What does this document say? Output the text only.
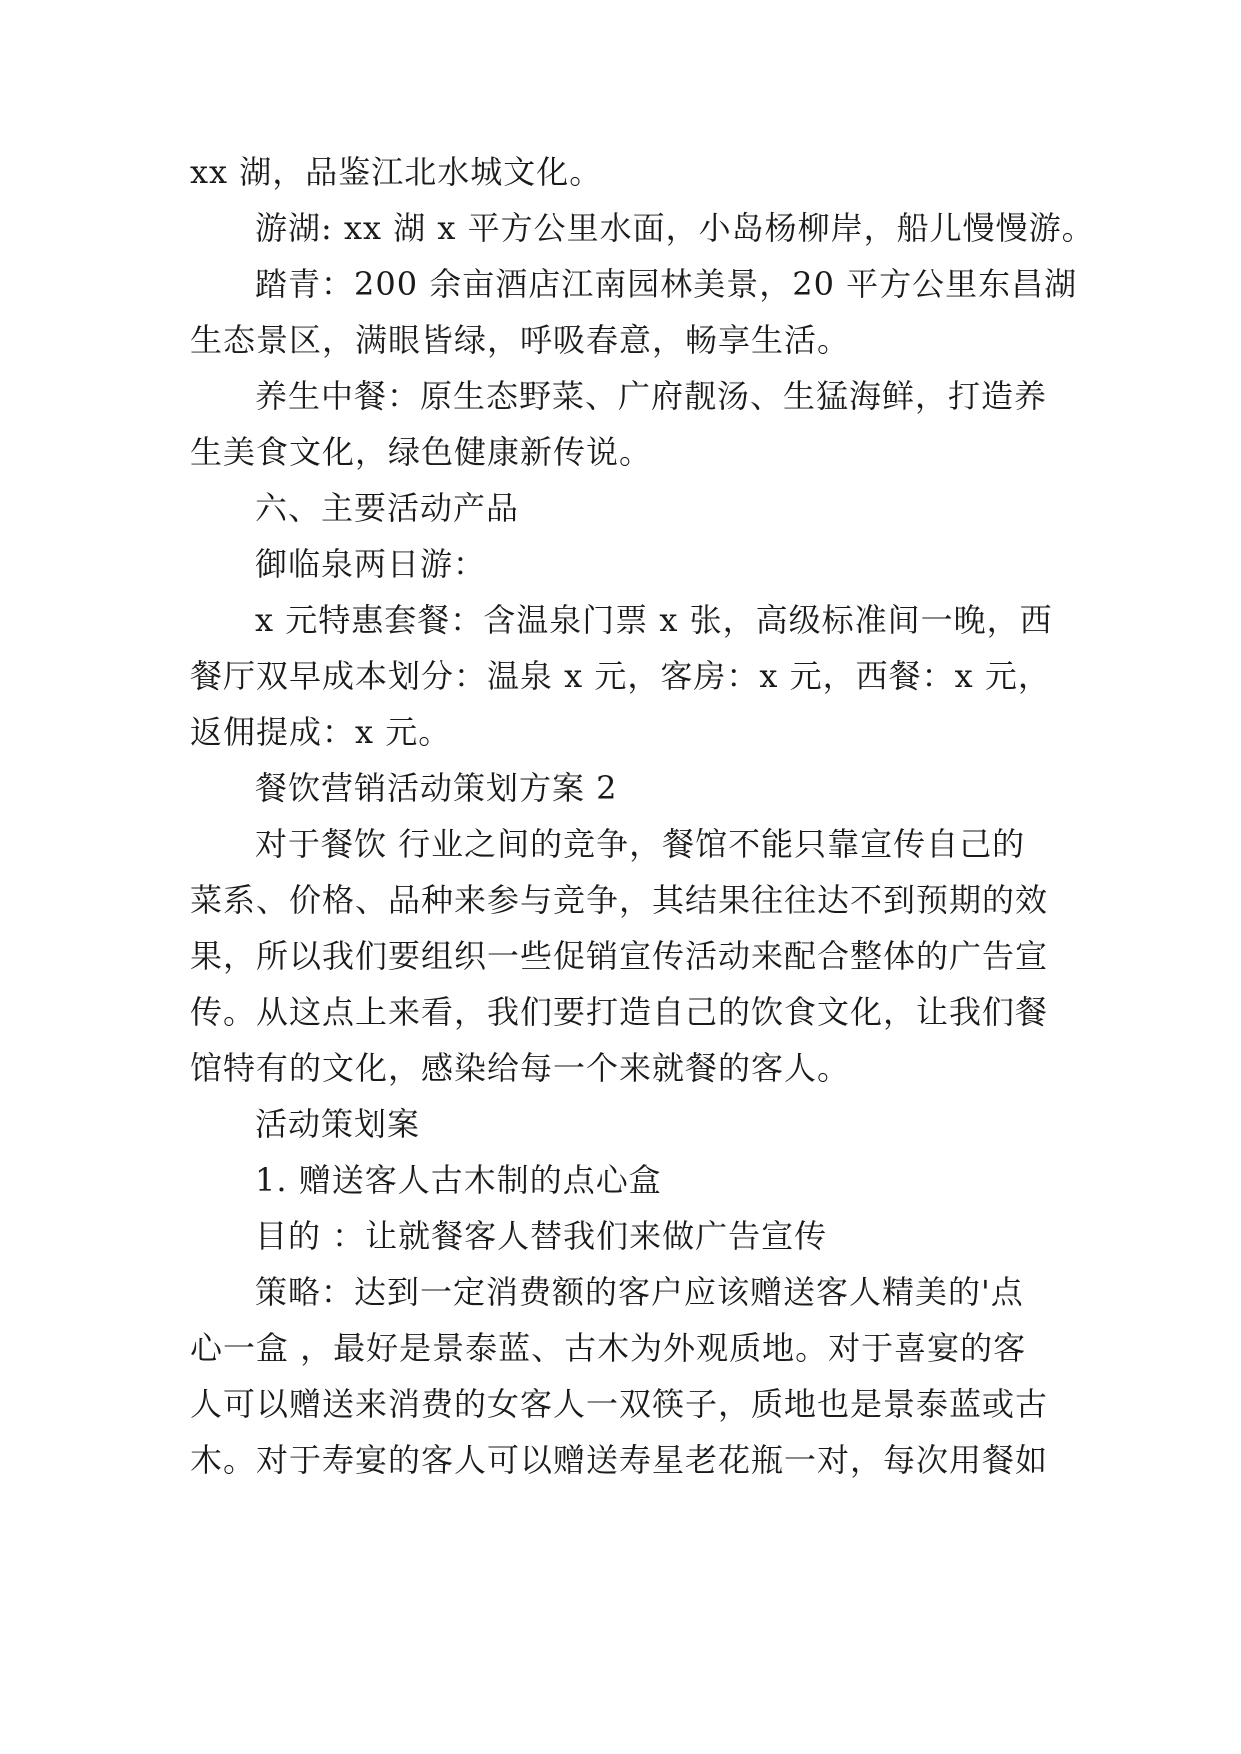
xx 湖，品鉴江北水城文化。
游湖: xx 湖 x 平方公里水面，小岛杨柳岸，船儿慢慢游。
踏青：200 余亩酒店江南园林美景，20 平方公里东昌湖
生态景区，满眼皆绿，呼吸春意，畅享生活。
养生中餐：原生态野菜、广府靓汤、生猛海鲜，打造养
生美食文化，绿色健康新传说。
六、主要活动产品
御临泉两日游：
x 元特惠套餐：含温泉门票 x 张，高级标准间一晚，西
餐厅双早成本划分：温泉 x 元，客房：x 元，西餐：x 元，
返佣提成：x 元。
餐饮营销活动策划方案 2
对于餐饮 行业之间的竞争，餐馆不能只靠宣传自己的
菜系、价格、品种来参与竞争，其结果往往达不到预期的效
果，所以我们要组织一些促销宣传活动来配合整体的广告宣
传。从这点上来看，我们要打造自己的饮食文化，让我们餐
馆特有的文化，感染给每一个来就餐的客人。
活动策划案
1. 赠送客人古木制的点心盒
目的 ：让就餐客人替我们来做广告宣传
策略：达到一定消费额的客户应该赠送客人精美的'点
心一盒 ，最好是景泰蓝、古木为外观质地。对于喜宴的客
人可以赠送来消费的女客人一双筷子，质地也是景泰蓝或古
木。对于寿宴的客人可以赠送寿星老花瓶一对，每次用餐如
